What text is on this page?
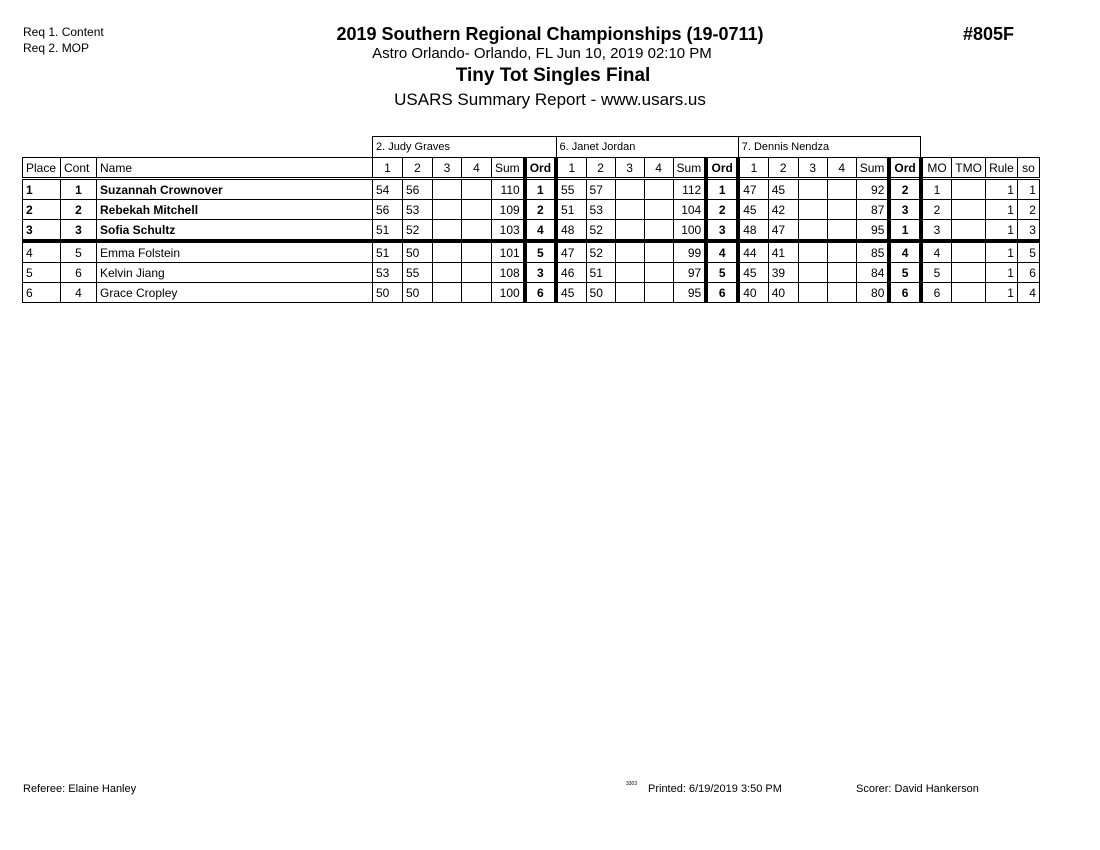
Req 1. Content
Req 2. MOP
2019 Southern Regional Championships (19-0711)	#805F
Astro Orlando- Orlando, FL Jun 10, 2019 02:10 PM
Tiny Tot Singles Final
USARS Summary Report - www.usars.us
			2. Judy Graves						6. Janet Jordan						7. Dennis Nendza									
Place	Cont	Name	1	2	3	4	Sum	Ord	1	2	3	4	Sum	Ord	1	2	3	4	Sum	Ord	MO	TMO	Rule	so
1	1	Suzannah Crownover	54	56			110	1	55	57			112	1	47	45			92	2	1		1	1
2	2	Rebekah Mitchell	56	53			109	2	51	53			104	2	45	42			87	3	2		1	2
3	3	Sofia Schultz	51	52			103	4	48	52			100	3	48	47			95	1	3		1	3
4	5	Emma Folstein	51	50			101	5	47	52			99	4	44	41			85	4	4		1	5
5	6	Kelvin Jiang	53	55			108	3	46	51			97	5	45	39			84	5	5		1	6
6	4	Grace Cropley	50	50			100	6	45	50			95	6	40	40			80	6	6		1	4
Referee: Elaine Hanley	3303 Printed: 6/19/2019 3:50 PM	Scorer: David Hankerson
